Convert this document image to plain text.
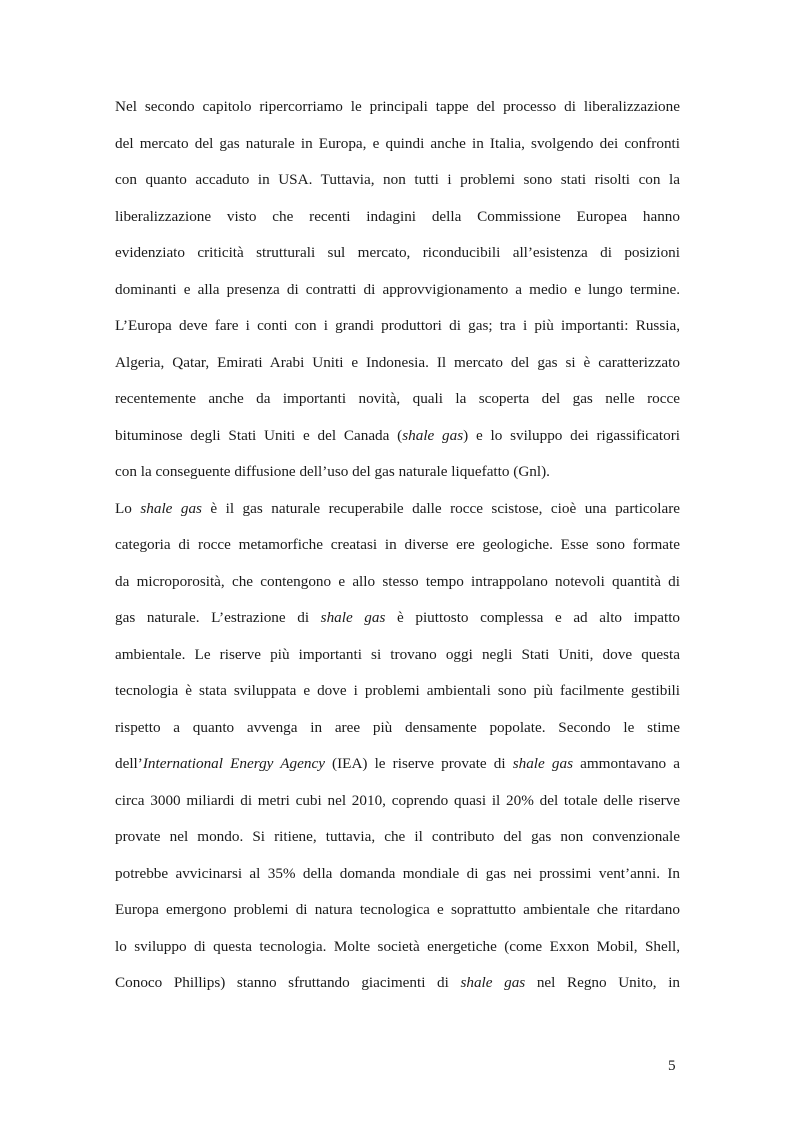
Nel secondo capitolo ripercorriamo le principali tappe del processo di liberalizzazione
del mercato del gas naturale in Europa, e quindi anche in Italia, svolgendo dei confronti
con quanto accaduto in USA. Tuttavia, non tutti i problemi sono stati risolti con la
liberalizzazione visto che recenti indagini della Commissione Europea hanno
evidenziato criticità strutturali sul mercato, riconducibili all’esistenza di posizioni
dominanti e alla presenza di contratti di approvvigionamento a medio e lungo termine.
L’Europa deve fare i conti con i grandi produttori di gas; tra i più importanti: Russia,
Algeria, Qatar, Emirati Arabi Uniti e Indonesia. Il mercato del gas si è caratterizzato
recentemente anche da importanti novità, quali la scoperta del gas nelle rocce
bituminose degli Stati Uniti e del Canada (shale gas) e lo sviluppo dei rigassificatori
con la conseguente diffusione dell’uso del gas naturale liquefatto (Gnl).
Lo shale gas è il gas naturale recuperabile dalle rocce scistose, cioè una particolare
categoria di rocce metamorfiche creatasi in diverse ere geologiche. Esse sono formate
da microporosità, che contengono e allo stesso tempo intrappolano notevoli quantità di
gas naturale. L’estrazione di shale gas è piuttosto complessa e ad alto impatto
ambientale. Le riserve più importanti si trovano oggi negli Stati Uniti, dove questa
tecnologia è stata sviluppata e dove i problemi ambientali sono più facilmente gestibili
rispetto a quanto avvenga in aree più densamente popolate. Secondo le stime
dell’International Energy Agency (IEA) le riserve provate di shale gas ammontavano a
circa 3000 miliardi di metri cubi nel 2010, coprendo quasi il 20% del totale delle riserve
provate nel mondo. Si ritiene, tuttavia, che il contributo del gas non convenzionale
potrebbe avvicinarsi al 35% della domanda mondiale di gas nei prossimi vent’anni. In
Europa emergono problemi di natura tecnologica e soprattutto ambientale che ritardano
lo sviluppo di questa tecnologia. Molte società energetiche (come Exxon Mobil, Shell,
Conoco Phillips) stanno sfruttando giacimenti di shale gas nel Regno Unito, in
5
